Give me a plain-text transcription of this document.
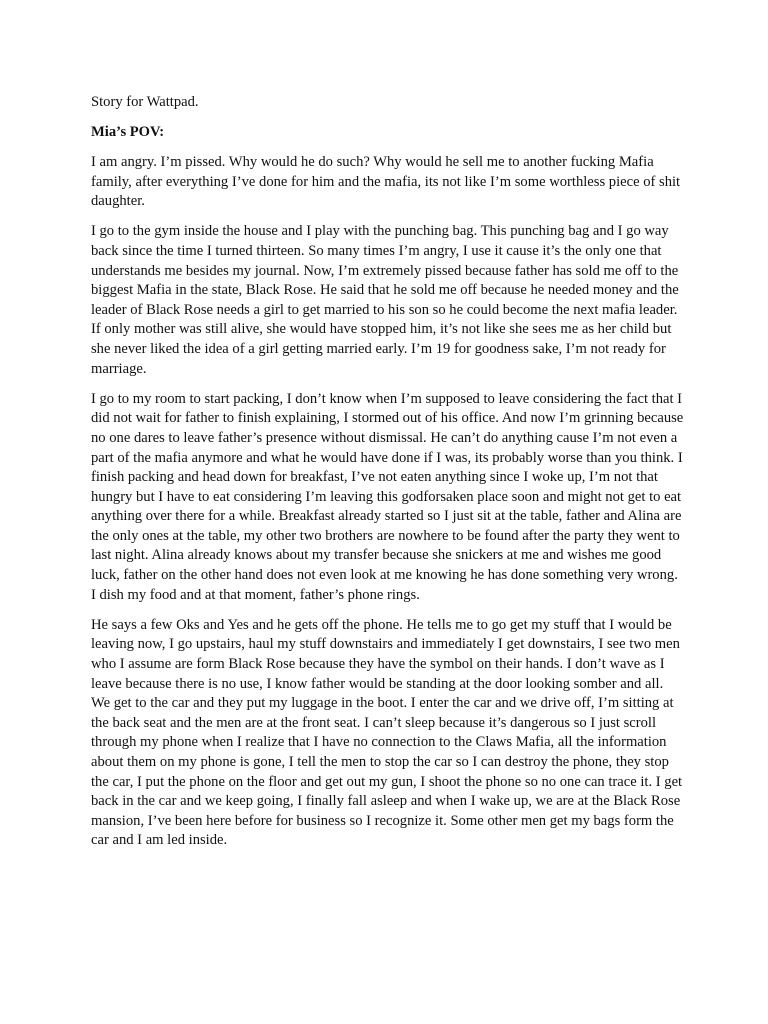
Story for Wattpad.

Mia’s POV:

I am angry. I’m pissed. Why would he do such? Why would he sell me to another fucking Mafia family, after everything I’ve done for him and the mafia, its not like I’m some worthless piece of shit daughter.

I go to the gym inside the house and I play with the punching bag. This punching bag and I go way back since the time I turned thirteen. So many times I’m angry, I use it cause it’s the only one that understands me besides my journal. Now, I’m extremely pissed because father has sold me off to the biggest Mafia in the state, Black Rose. He said that he sold me off because he needed money and the leader of Black Rose needs a girl to get married to his son so he could become the next mafia leader. If only mother was still alive, she would have stopped him, it’s not like she sees me as her child but she never liked the idea of a girl getting married early. I’m 19 for goodness sake, I’m not ready for marriage.

I go to my room to start packing, I don’t know when I’m supposed to leave considering the fact that I did not wait for father to finish explaining, I stormed out of his office. And now I’m grinning because no one dares to leave father’s presence without dismissal. He can’t do anything cause I’m not even a part of the mafia anymore and what he would have done if I was, its probably worse than you think. I finish packing and head down for breakfast, I’ve not eaten anything since I woke up, I’m not that hungry but I have to eat considering I’m leaving this godforsaken place soon and might not get to eat anything over there for a while. Breakfast already started so I just sit at the table, father and Alina are the only ones at the table, my other two brothers are nowhere to be found after the party they went to last night. Alina already knows about my transfer because she snickers at me and wishes me good luck, father on the other hand does not even look at me knowing he has done something very wrong. I dish my food and at that moment, father’s phone rings.

He says a few Oks and Yes and he gets off the phone. He tells me to go get my stuff that I would be leaving now, I go upstairs, haul my stuff downstairs and immediately I get downstairs, I see two men who I assume are form Black Rose because they have the symbol on their hands. I don’t wave as I leave because there is no use, I know father would be standing at the door looking somber and all. We get to the car and they put my luggage in the boot. I enter the car and we drive off, I’m sitting at the back seat and the men are at the front seat. I can’t sleep because it’s dangerous so I just scroll through my phone when I realize that I have no connection to the Claws Mafia, all the information about them on my phone is gone, I tell the men to stop the car so I can destroy the phone, they stop the car, I put the phone on the floor and get out my gun, I shoot the phone so no one can trace it. I get back in the car and we keep going, I finally fall asleep and when I wake up, we are at the Black Rose mansion, I’ve been here before for business so I recognize it. Some other men get my bags form the car and I am led inside.
